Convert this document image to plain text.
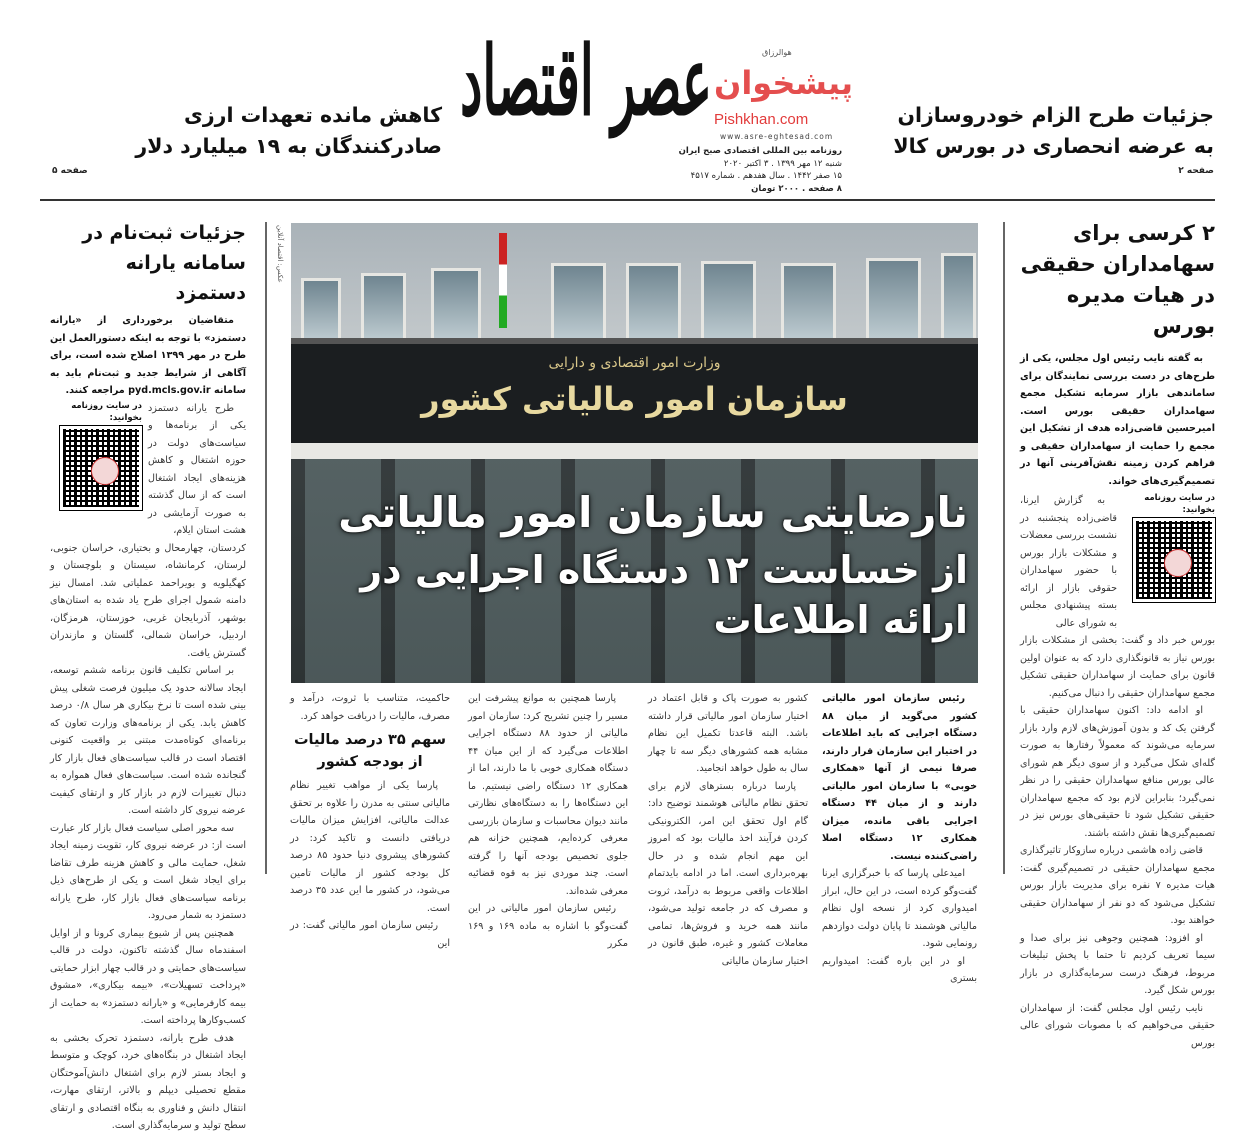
عصر اقتصاد	هوالرزاق
پیشخوان
Pishkhan.com
www.asre-eghtesad.com
روزنامه بین المللی اقتصادی صبح ایران
شنبه ۱۲ مهر ۱۳۹۹ . ۳ اکتبر ۲۰۲۰
۱۵ صفر ۱۴۴۲ . سال هفدهم . شماره ۴۵۱۷
۸ صفحه . ۲۰۰۰ تومان
جزئیات طرح الزام خودروسازان به عرضه انحصاری در بورس کالا
صفحه ۲
کاهش مانده تعهدات ارزی صادرکنندگان به ۱۹ میلیارد دلار
صفحه ۵
۲ کرسی برای سهامداران حقیقی در هیات مدیره بورس

به گفته نایب رئیس اول مجلس، یکی از طرح‌های در دست بررسی نمایندگان برای ساماندهی بازار سرمایه تشکیل مجمع سهامداران حقیقی بورس است. امیرحسین قاضی‌زاده هدف از تشکیل این مجمع را حمایت از سهامداران حقیقی و فراهم کردن زمینه نقش‌آفرینی آنها در تصمیم‌گیری‌های خواند.

در سایت روزنامه بخوانید:

به گزارش ایرنا، قاضی‌زاده پنجشنبه در نشست بررسی معضلات و مشکلات بازار بورس با حضور سهامداران حقوقی بازار از ارائه بسته پیشنهادی مجلس به شورای عالی

بورس خبر داد و گفت: بخشی از مشکلات بازار بورس نیاز به قانونگذاری دارد که به عنوان اولین قانون برای حمایت از سهامداران حقیقی تشکیل مجمع سهامداران حقیقی را دنبال می‌کنیم.

او ادامه داد: اکنون سهامداران حقیقی با گرفتن یک کد و بدون آموزش‌های لازم وارد بازار سرمایه می‌شوند که معمولاً رفتارها به صورت گله‌ای شکل می‌گیرد و از سوی دیگر هم شورای عالی بورس منافع سهامداران حقیقی را در نظر نمی‌گیرد؛ بنابراین لازم بود که مجمع سهامداران حقیقی تشکیل شود تا حقیقی‌های بورس نیز در تصمیم‌گیری‌ها نقش داشته باشند.

قاضی زاده هاشمی درباره سازوکار تاثیرگذاری مجمع سهامداران حقیقی در تصمیم‌گیری گفت: هیات مدیره ۷ نفره برای مدیریت بازار بورس تشکیل می‌شود که دو نفر از سهامداران حقیقی خواهند بود.

او افزود: همچنین وجوهی نیز برای صدا و سیما تعریف کردیم تا حتما با پخش تبلیغات مربوط، فرهنگ درست سرمایه‌گذاری در بازار بورس شکل گیرد.

نایب رئیس اول مجلس گفت: از سهامداران حقیقی می‌خواهیم که با مصوبات شورای عالی بورس

جزئیات ثبت‌نام در سامانه یارانه دستمزد

متقاضیان برخورداری از «یارانه دستمزد» با توجه به اینکه دستورالعمل این طرح در مهر ۱۳۹۹ اصلاح شده است، برای آگاهی از شرایط جدید و ثبت‌نام باید به سامانه pyd.mcls.gov.ir مراجعه کنند.

طرح یارانه دستمزد یکی از برنامه‌ها و سیاست‌های دولت در حوزه اشتغال و کاهش هزینه‌های ایجاد اشتغال است که از سال گذشته به صورت آزمایشی در هشت استان ایلام،

در سایت روزنامه بخوانید:

کردستان، چهارمحال و بختیاری، خراسان جنوبی، لرستان، کرمانشاه، سیستان و بلوچستان و کهگیلویه و بویراحمد عملیاتی شد. امسال نیز دامنه شمول اجرای طرح یاد شده به استان‌های بوشهر، آذربایجان غربی، خوزستان، هرمزگان، اردبیل، خراسان شمالی، گلستان و مازندران گسترش یافت.

بر اساس تکلیف قانون برنامه ششم توسعه، ایجاد سالانه حدود یک میلیون فرصت شغلی پیش بینی شده است تا نرخ بیکاری هر سال ۰/۸ درصد کاهش یابد. یکی از برنامه‌های وزارت تعاون که برنامه‌ای کوتاه‌مدت مبتنی بر واقعیت کنونی اقتصاد است در قالب سیاست‌های فعال بازار کار گنجانده شده است. سیاست‌های فعال همواره به دنبال تغییرات لازم در بازار کار و ارتقای کیفیت عرضه نیروی کار داشته است.

سه محور اصلی سیاست فعال بازار کار عبارت است از: در عرضه نیروی کار، تقویت زمینه ایجاد شغل، حمایت مالی و کاهش هزینه طرف تقاضا برای ایجاد شغل است و یکی از طرح‌های ذیل برنامه سیاست‌های فعال بازار کار، طرح یارانه دستمزد به شمار می‌رود.

همچنین پس از شیوع بیماری کرونا و از اوایل اسفندماه سال گذشته تاکنون، دولت در قالب سیاست‌های حمایتی و در قالب چهار ابزار حمایتی «پرداخت تسهیلات»، «بیمه بیکاری»، «مشوق بیمه کارفرمایی» و «یارانه دستمزد» به حمایت از کسب‌وکارها پرداخته است.

هدف طرح یارانه، دستمزد تحرک بخشی به ایجاد اشتغال در بنگاه‌های خرد، کوچک و متوسط و ایجاد بستر لازم برای اشتغال دانش‌آموختگان مقطع تحصیلی دیپلم و بالاتر، ارتقای مهارت، انتقال دانش و فناوری به بنگاه اقتصادی و ارتقای سطح تولید و سرمایه‌گذاری است.

وزارت امور اقتصادی و دارایی
سازمان امور مالیاتی کشور
نارضایتی سازمان امور مالیاتی
از خساست ۱۲ دستگاه اجرایی در ارائه اطلاعات
عکس: اقتصاد آنلاین

رئیس سازمان امور مالیاتی کشور می‌گوید از میان ۸۸ دستگاه اجرایی که باید اطلاعات در اختیار این سازمان قرار دارند، صرفا نیمی از آنها «همکاری خوبی» با سازمان امور مالیاتی دارند و از میان ۴۴ دستگاه اجرایی باقی مانده، میزان همکاری ۱۲ دستگاه اصلا راضی‌کننده نیست.

امیدعلی پارسا که با خبرگزاری ایرنا گفت‌وگو کرده است، در این حال، ابراز امیدواری کرد از نسخه اول نظام مالیاتی هوشمند تا پایان دولت دوازدهم رونمایی شود.

او در این باره گفت: امیدواریم بستری

کشور به صورت پاک و قابل اعتماد در اختیار سازمان امور مالیاتی قرار داشته باشد. البته قاعدتا تکمیل این نظام مشابه همه کشورهای دیگر سه تا چهار سال به طول خواهد انجامید.

پارسا درباره بسترهای لازم برای تحقق نظام مالیاتی هوشمند توضیح داد: گام اول تحقق این امر، الکترونیکی کردن فرآیند اخذ مالیات بود که امروز این مهم انجام شده و در حال بهره‌برداری است. اما در ادامه بایدتمام اطلاعات واقعی مربوط به درآمد، ثروت و مصرف که در جامعه تولید می‌شود، مانند همه خرید و فروش‌ها، تمامی معاملات کشور و غیره، طبق قانون در اختیار سازمان مالیاتی

پارسا همچنین به موانع پیشرفت این مسیر را چنین تشریح کرد: سازمان امور مالیاتی از حدود ۸۸ دستگاه اجرایی اطلاعات می‌گیرد که از این میان ۴۴ دستگاه همکاری خوبی با ما دارند، اما از همکاری ۱۲ دستگاه راضی نیستیم. ما این دستگاه‌ها را به دستگاه‌های نظارتی مانند دیوان محاسبات و سازمان بازرسی معرفی کرده‌ایم، همچنین خزانه هم جلوی تخصیص بودجه آنها را گرفته است. چند موردی نیز به قوه قضائیه معرفی شده‌اند.

رئیس سازمان امور مالیاتی در این گفت‌وگو با اشاره به ماده ۱۶۹ و ۱۶۹ مکرر

حاکمیت، متناسب با ثروت، درآمد و مصرف، مالیات را دریافت خواهد کرد.

سهم ۳۵ درصد مالیات از بودجه کشور

پارسا یکی از مواهب تغییر نظام مالیاتی سنتی به مدرن را علاوه بر تحقق عدالت مالیاتی، افزایش میزان مالیات دریافتی دانست و تاکید کرد: در کشورهای پیشروی دنیا حدود ۸۵ درصد کل بودجه کشور از مالیات تامین می‌شود، در کشور ما این عدد ۳۵ درصد است.

رئیس سازمان امور مالیاتی گفت: در این
